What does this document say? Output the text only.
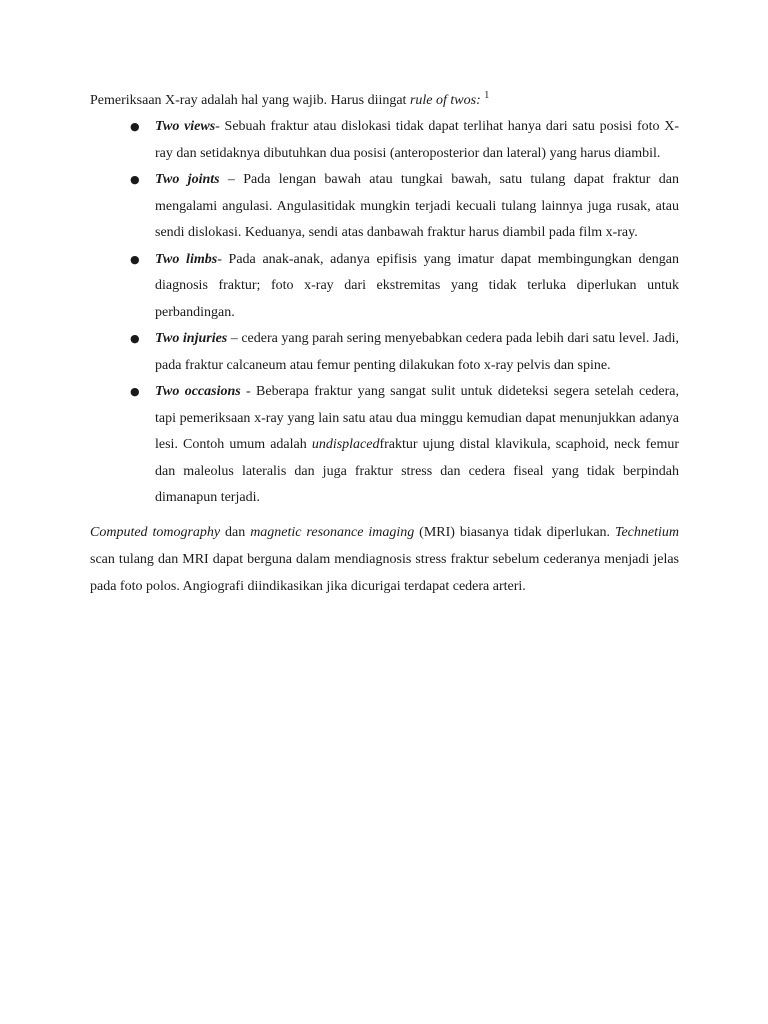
Pemeriksaan X-ray adalah hal yang wajib. Harus diingat rule of twos: $^1$

● Two views- Sebuah fraktur atau dislokasi tidak dapat terlihat hanya dari satu posisi foto X- ray dan setidaknya dibutuhkan dua posisi (anteroposterior dan lateral) yang harus diambil.
● Two joints – Pada lengan bawah atau tungkai bawah, satu tulang dapat fraktur dan mengalami angulasi. Angulasitidak mungkin terjadi kecuali tulang lainnya juga rusak, atau sendi dislokasi. Keduanya, sendi atas danbawah fraktur harus diambil pada film x-ray.
● Two limbs- Pada anak-anak, adanya epifisis yang imatur dapat membingungkan dengan diagnosis fraktur; foto x-ray dari ekstremitas yang tidak terluka diperlukan untuk perbandingan.
● Two injuries – cedera yang parah sering menyebabkan cedera pada lebih dari satu level. Jadi, pada fraktur calcaneum atau femur penting dilakukan foto x-ray pelvis dan spine.
● Two occasions - Beberapa fraktur yang sangat sulit untuk dideteksi segera setelah cedera, tapi pemeriksaan x-ray yang lain satu atau dua minggu kemudian dapat menunjukkan adanya lesi. Contoh umum adalah undisplacedfraktur ujung distal klavikula, scaphoid, neck femur dan maleolus lateralis dan juga fraktur stress dan cedera fiseal yang tidak berpindah dimanapun terjadi.

Computed tomography dan magnetic resonance imaging (MRI) biasanya tidak diperlukan. Technetium scan tulang dan MRI dapat berguna dalam mendiagnosis stress fraktur sebelum cederanya menjadi jelas pada foto polos. Angiografi diindikasikan jika dicurigai terdapat cedera arteri.
